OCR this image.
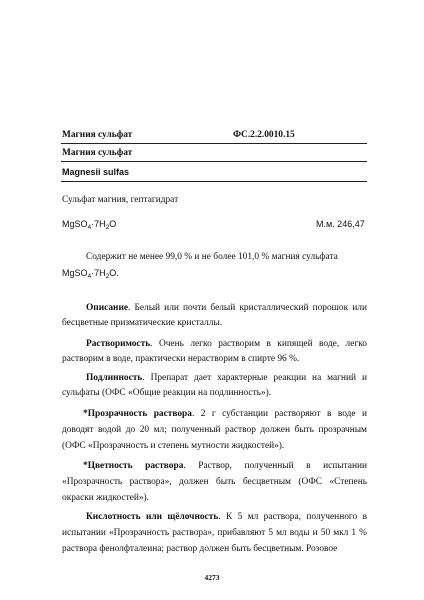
Магния сульфат	ФС.2.2.0010.15
Магния сульфат
Magnesii sulfas
Сульфат магния, гептагидрат
$MgSO_4\cdot 7H_2O$	М.м. 246,47
Содержит не менее 99,0 % и не более 101,0 % магния сульфата
$MgSO_4\cdot 7H_2O$.
Описание. Белый или почти белый кристаллический порошок или бесцветные призматические кристаллы.
Растворимость. Очень легко растворим в кипящей воде, легко растворим в воде, практически нерастворим в спирте 96 %.
Подлинность. Препарат дает характерные реакции на магний и сульфаты (ОФС «Общие реакции на подлинность»).
*Прозрачность раствора. 2 г субстанции растворяют в воде и доводят водой до 20 мл; полученный раствор должен быть прозрачным (ОФС «Прозрачность и степень мутности жидкостей»).
*Цветность раствора. Раствор, полученный в испытании «Прозрачность раствора», должен быть бесцветным (ОФС «Степень окраски жидкостей»).
Кислотность или щёлочность. К 5 мл раствора, полученного в испытании «Прозрачность раствора», прибавляют 5 мл воды и 50 мкл 1 % раствора фенолфталеина; раствор должен быть бесцветным. Розовое
4273
